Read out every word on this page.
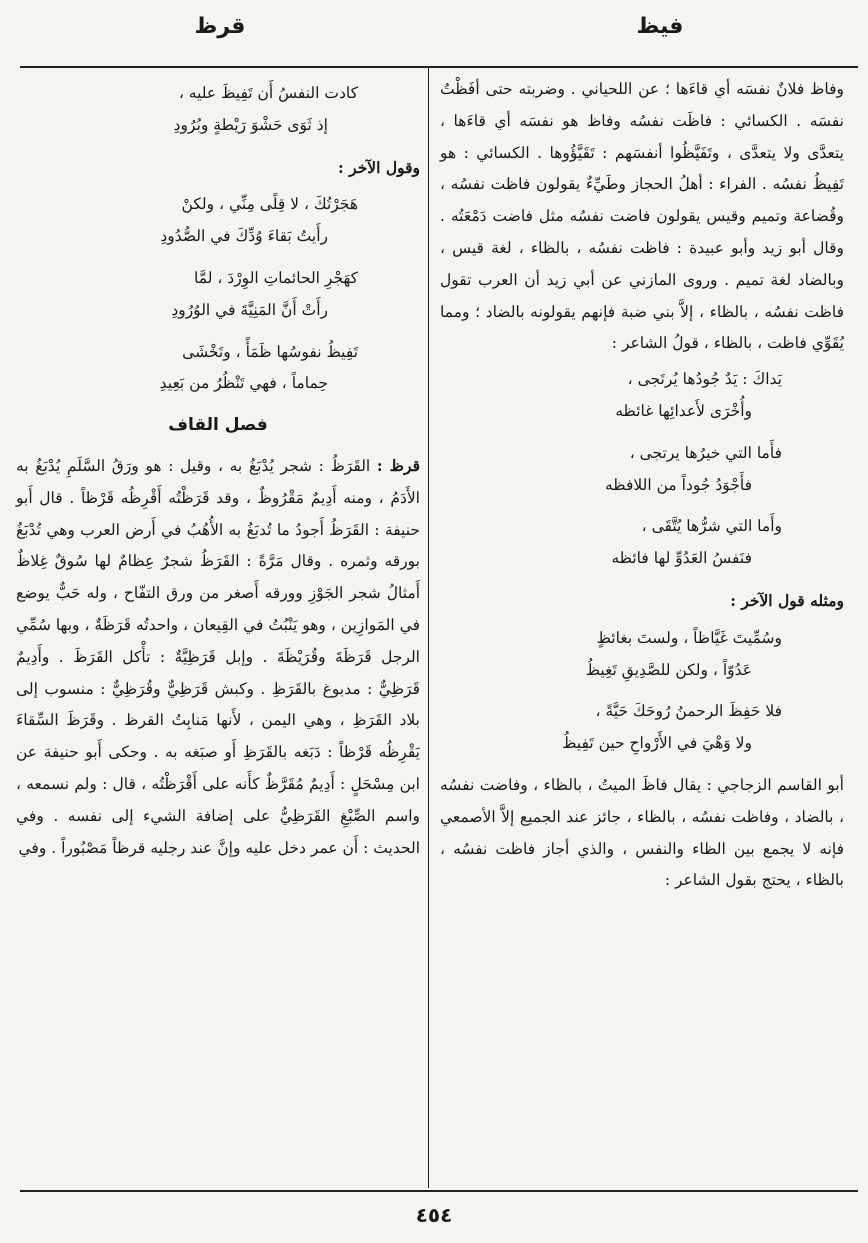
فيظ
قرظ

وفاظ فلانٌ نفسَه أي قاءَها ؛ عن اللحياني . وضربته حتى أفَظْتُ نفسَه . الكسائي : فاظَت نفسُه وفاظ هو نفسَه أي قاءَها ، يتعدَّى ولا يتعدَّى ، وتَفَيَّظُوا أنفسَهم : تَقَيَّؤُوها . الكسائي : هو تَفِيظُ نفسُه . الفراء : أهلُ الحجاز وطَيِّءٌ يقولون فاظت نفسُه ، وقُضاعة وتميم وقيس يقولون فاضت نفسُه مثل فاضت دَمْعَتُه . وقال أبو زيد وأبو عبيدة : فاظت نفسُه ، بالظاء ، لغة قيس ، وبالضاد لغة تميم . وروى المازني عن أبي زيد أن العرب تقول فاظت نفسُه ، بالظاء ، إلاَّ بني ضبة فإنهم يقولونه بالضاد ؛ ومما يُقَوِّي فاظت ، بالظاء ، قولُ الشاعر :

يَداكَ : يَدٌ جُودُها يُرتَجى ،
وأُخْرَى لأَعدائِها غائظه
فأَما التي خيرُها يرتجى ،
فأَجْوَدُ جُوداً من اللافظه
وأَما التي شرُّها يُتَّقَى ،
فنَفسُ العَدُوِّ لها فائظه

ومثله قول الآخر :

وسُمِّيتَ غَيَّاظاً ، ولستَ بغائظٍ
عَدُوّاً ، ولكن للصَّدِيقِ تَغِيظُ
فلا حَفِظَ الرحمنُ رُوحَكَ حَيَّةً ،
ولا وَهْيَ في الأَرْواحِ حين تَفِيظُ

أبو القاسم الزجاجي : يقال فاظَ الميتُ ، بالظاء ، وفاضت نفسُه ، بالضاد ، وفاظت نفسُه ، بالظاء ، جائز عند الجميع إلاَّ الأصمعي فإنه لا يجمع بين الظاء والنفس ، والذي أجاز فاظت نفسُه ، بالظاء ، يحتج بقول الشاعر :

كادت النفسُ أَن تَفِيظَ عليه ،
إذ ثَوَى حَشْوَ رَيْطةٍ وبُرُودِ

وقول الآخر :

هَجَرْتُكَ ، لا قِلًى مِنِّي ، ولكنْ
رأَيتُ بَقاءَ وُدِّكَ في الصُّدُودِ
كهَجْرِ الحائماتِ الوِرْدَ ، لمَّا
رأَتْ أَنَّ المَنِيَّةَ في الوُرُودِ
تَفِيظُ نفوسُها ظَمَأً ، وتَخْشَى
حِماماً ، فهي تَنْظُرُ من بَعِيدِ
فصل القاف

قرظ : القَرَظُ : شجر يُدْبَغُ به ، وقيل : هو ورَقُ السَّلَمِ يُدْبَغُ به الأَدَمُ ، ومنه أَدِيمٌ مَقْرُوظٌ ، وقد قَرَظْتُه أَقْرِظُه قَرْظاً . قال أَبو حنيفة : القَرَظُ أَجودُ ما تُدبَغُ به الأُهُبُ في أَرض العرب وهي تُدْبَغُ بورقه وثمره . وقال مَرَّةً : القَرَظُ شجرٌ عِظامٌ لها سُوقٌ غِلاظٌ أَمثالُ شجر الجَوْزِ وورقه أَصغر من ورق التفّاح ، وله حَبٌّ يوضع في المَوازِين ، وهو يَنْبُتُ في القِيعان ، واحدتُه قَرَظَةٌ ، وبها سُمِّي الرجل قَرَظَةَ وقُرَيْظَةَ . وإبل قَرَظِيَّةٌ : تأْكل القَرَظَ . وأَدِيمٌ قَرَظِيٌّ : مدبوغ بالقَرَظِ . وكبش قَرَظِيٌّ وقُرَظِيٌّ : منسوب إلى بلاد القَرَظِ ، وهي اليمن ، لأَنها مَنابِتُ القرظ . وقَرَظَ السِّقاءَ يَقْرِظُه قَرْظاً : دَبَغه بالقَرَظِ أَو صبَغه به . وحكى أَبو حنيفة عن ابن مِسْحَلٍ : أَدِيمٌ مُقَرَّظٌ كأَنه على أَقْرَظْتُه ، قال : ولم نسمعه ، واسم الصِّبْغِ القَرَظِيُّ على إضافة الشيء إلى نفسه . وفي الحديث : أَن عمر دخل عليه وإنَّ عند رجليه قرظاً مَصْبُوراً . وفي

٤٥٤
